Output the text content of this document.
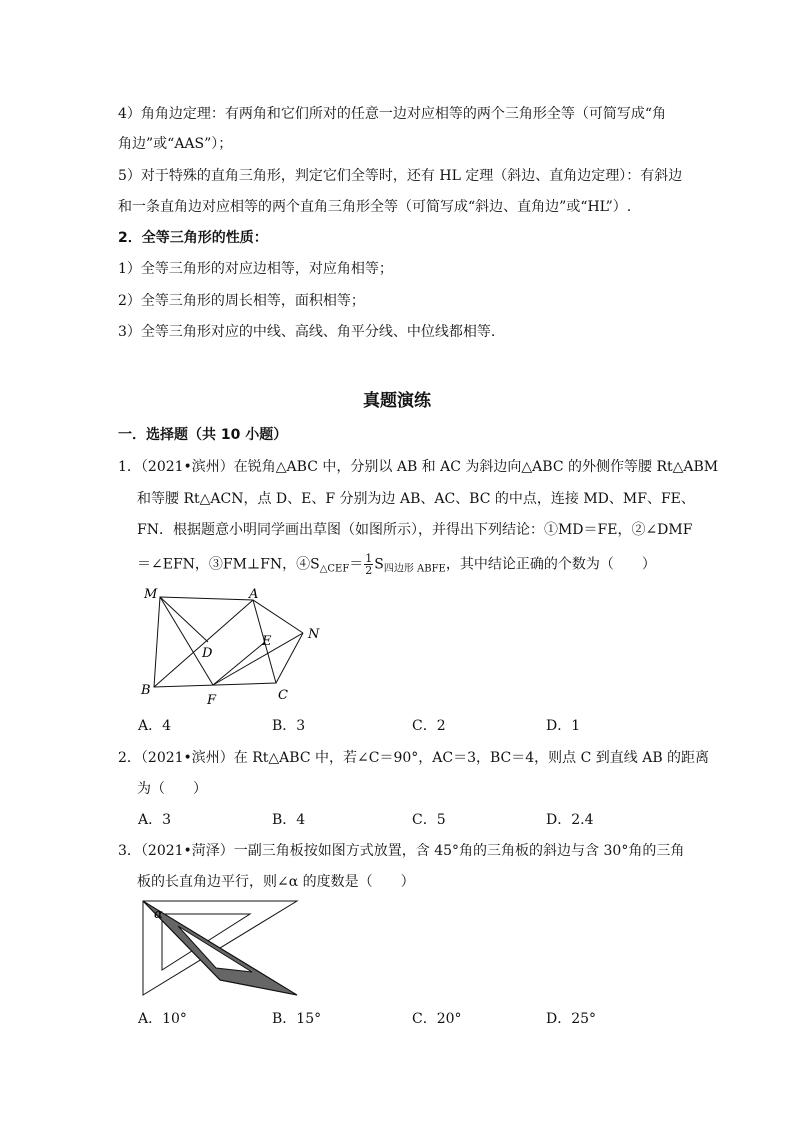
4）角角边定理：有两角和它们所对的任意一边对应相等的两个三角形全等（可简写成“角
角边”或“AAS”）；
5）对于特殊的直角三角形，判定它们全等时，还有 HL 定理（斜边、直角边定理）：有斜边
和一条直角边对应相等的两个直角三角形全等（可简写成“斜边、直角边”或“HL”）.
2．全等三角形的性质：
1）全等三角形的对应边相等，对应角相等；
2）全等三角形的周长相等，面积相等；
3）全等三角形对应的中线、高线、角平分线、中位线都相等.
真题演练
一．选择题（共 10 小题）
1．（2021•滨州）在锐角△ABC 中，分别以 AB 和 AC 为斜边向△ABC 的外侧作等腰 Rt△ABM
和等腰 Rt△ACN，点 D、E、F 分别为边 AB、AC、BC 的中点，连接 MD、MF、FE、
FN．根据题意小明同学画出草图（如图所示），并得出下列结论：①MD＝FE，②∠DMF
＝∠EFN，③FM⊥FN，$④S_{\triangle CEF}= \frac{1}{2} S_{四边形 ABFE}$，其中结论正确的个数为（　　）
M	A
N
E
D
B
F	C
A．4	B．3	C．2	D．1
2．（2021•滨州）在 Rt△ABC 中，若∠C＝90°，AC＝3，BC＝4，则点 C 到直线 AB 的距离
为（　　）
A．3	B．4	C．5	D．2.4
3．（2021•菏泽）一副三角板按如图方式放置，含 45°角的三角板的斜边与含 30°角的三角
板的长直角边平行，则∠α 的度数是（　　）
α
A．10°	B．15°	C．20°	D．25°
